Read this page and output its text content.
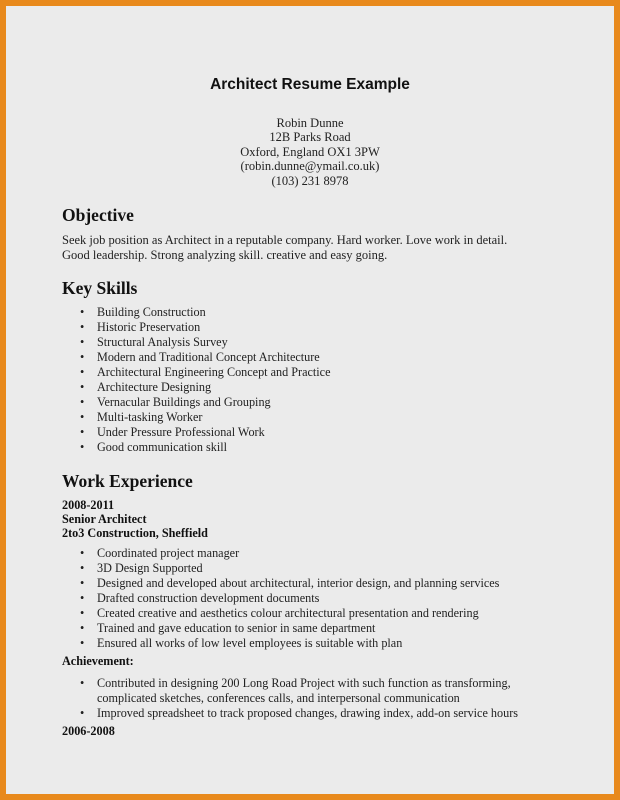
Architect Resume Example
Robin Dunne
12B Parks Road
Oxford, England OX1 3PW
(robin.dunne@ymail.co.uk)
(103) 231 8978
Objective
Seek job position as Architect in a reputable company. Hard worker. Love work in detail. Good leadership. Strong analyzing skill. creative and easy going.
Key Skills
• Building Construction
• Historic Preservation
• Structural Analysis Survey
• Modern and Traditional Concept Architecture
• Architectural Engineering Concept and Practice
• Architecture Designing
• Vernacular Buildings and Grouping
• Multi-tasking Worker
• Under Pressure Professional Work
• Good communication skill
Work Experience
2008-2011
Senior Architect
2to3 Construction, Sheffield
• Coordinated project manager
• 3D Design Supported
• Designed and developed about architectural, interior design, and planning services
• Drafted construction development documents
• Created creative and aesthetics colour architectural presentation and rendering
• Trained and gave education to senior in same department
• Ensured all works of low level employees is suitable with plan
Achievement:
• Contributed in designing 200 Long Road Project with such function as transforming, complicated sketches, conferences calls, and interpersonal communication
• Improved spreadsheet to track proposed changes, drawing index, add-on service hours
2006-2008
